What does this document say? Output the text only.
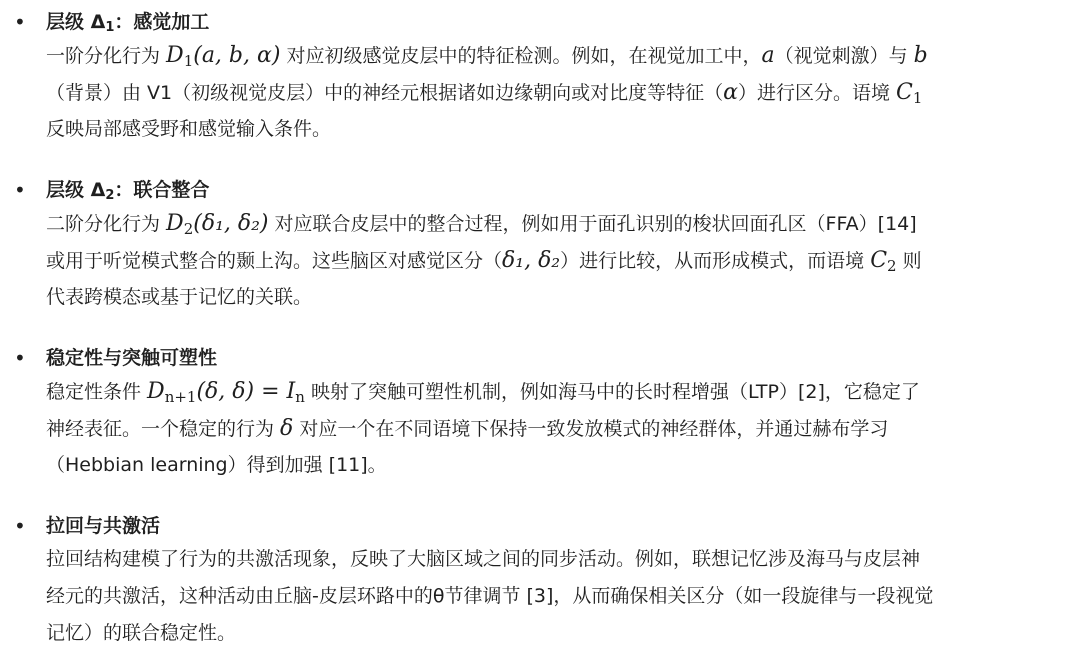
• 层级 Δ1：感觉加工
一阶分化行为 $D_1(a$, b, α) 对应初级感觉皮层中的特征检测。例如，在视觉加工中，a（视觉刺激）与 b
（背景）由 V1（初级视觉皮层）中的神经元根据诸如边缘朝向或对比度等特征（α）进行区分。语境 $C_1$
反映局部感受野和感觉输入条件。
• 层级 Δ2：联合整合
二阶分化行为 $D_2(\delta_1$, δ₂) 对应联合皮层中的整合过程，例如用于面孔识别的梭状回面孔区（FFA）[14]
或用于听觉模式整合的颞上沟。这些脑区对感觉区分（δ₁, δ₂）进行比较，从而形成模式，而语境 $C_2$ 则
代表跨模态或基于记忆的关联。
• 稳定性与突触可塑性
稳定性条件 $D_{n+1}(\delta$, $\delta) = I_n$ 映射了突触可塑性机制，例如海马中的长时程增强（LTP）[2]，它稳定了
神经表征。一个稳定的行为 δ 对应一个在不同语境下保持一致发放模式的神经群体，并通过赫布学习
（Hebbian learning）得到加强 [11]。
• 拉回与共激活
拉回结构建模了行为的共激活现象，反映了大脑区域之间的同步活动。例如，联想记忆涉及海马与皮层神
经元的共激活，这种活动由丘脑-皮层环路中的θ节律调节 [3]，从而确保相关区分（如一段旋律与一段视觉
记忆）的联合稳定性。
